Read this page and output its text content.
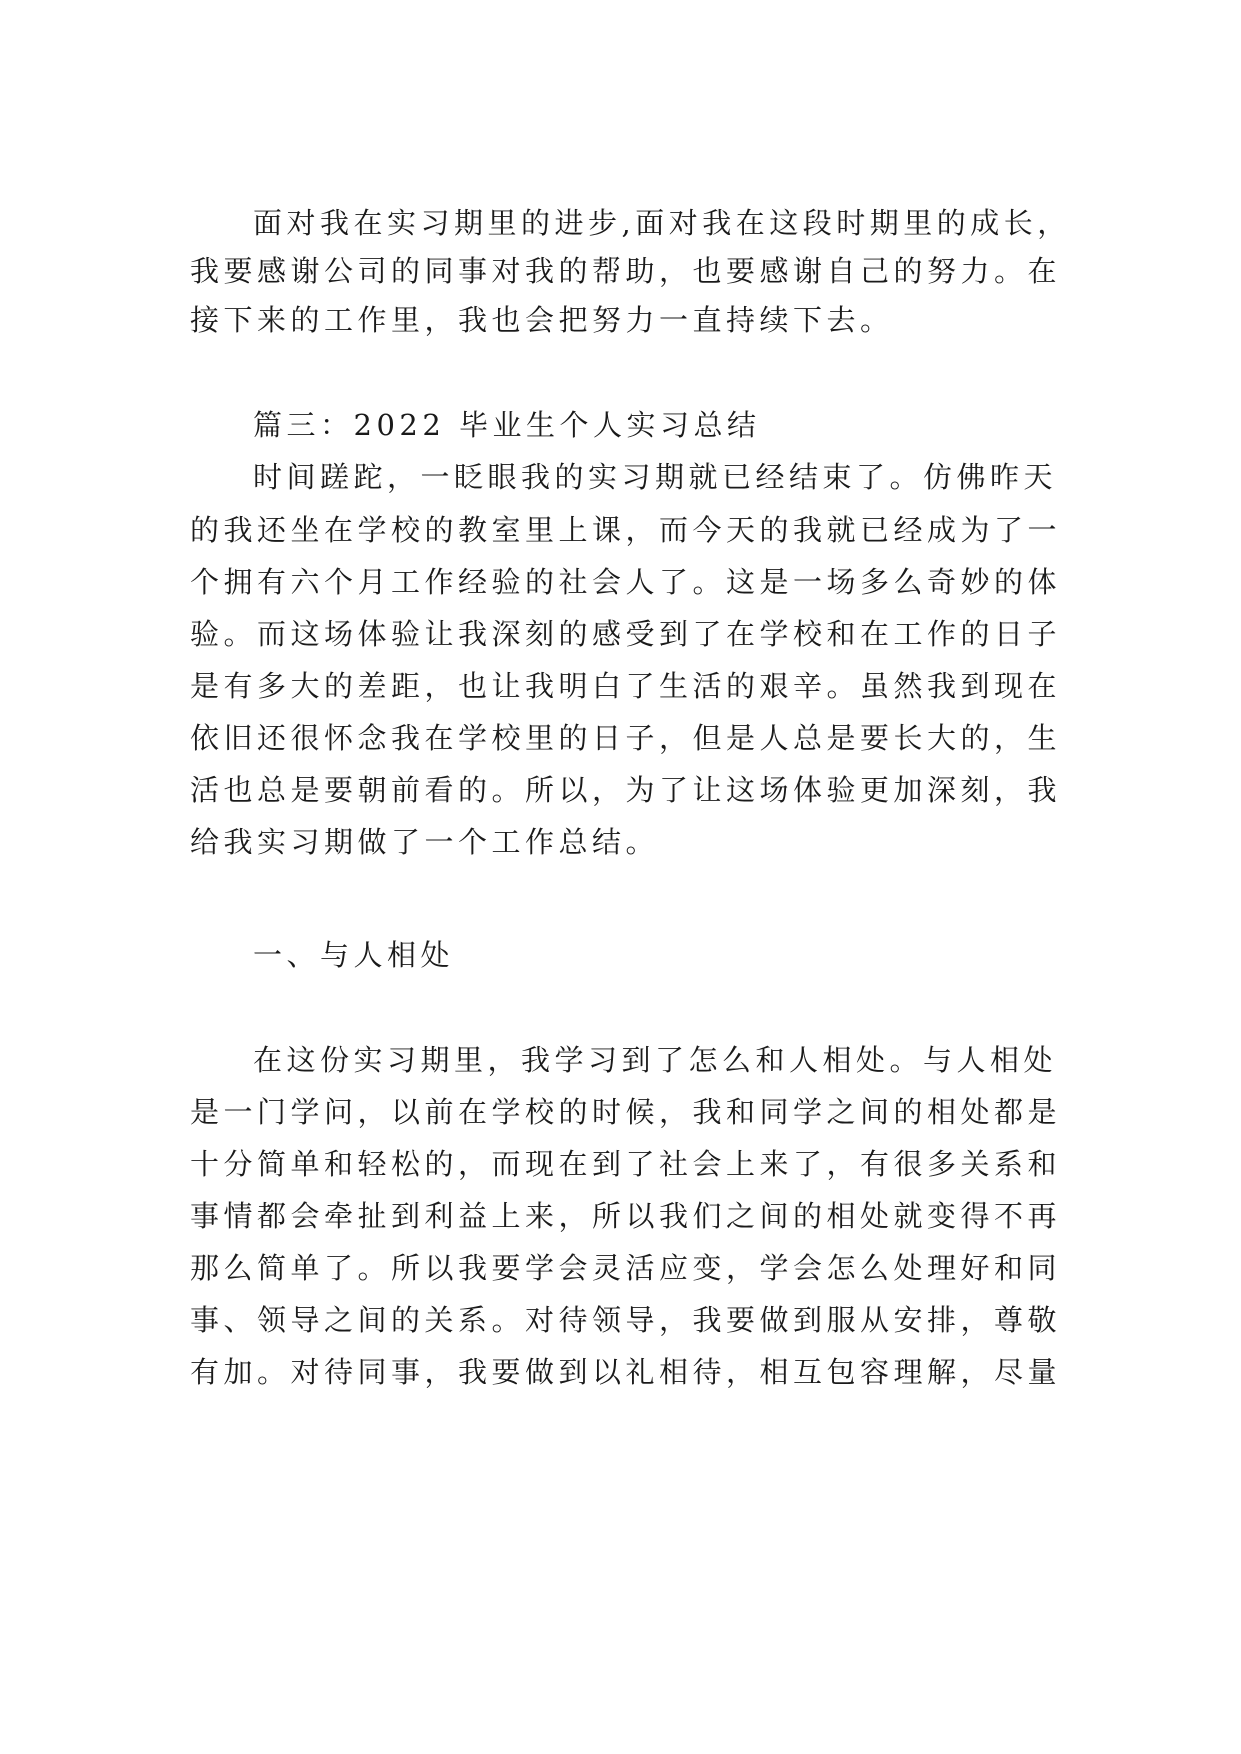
面对我在实习期里的进步,面对我在这段时期里的成长，
我要感谢公司的同事对我的帮助，也要感谢自己的努力。在
接下来的工作里，我也会把努力一直持续下去。
篇三：2022 毕业生个人实习总结
时间蹉跎，一眨眼我的实习期就已经结束了。仿佛昨天
的我还坐在学校的教室里上课，而今天的我就已经成为了一
个拥有六个月工作经验的社会人了。这是一场多么奇妙的体
验。而这场体验让我深刻的感受到了在学校和在工作的日子
是有多大的差距，也让我明白了生活的艰辛。虽然我到现在
依旧还很怀念我在学校里的日子，但是人总是要长大的，生
活也总是要朝前看的。所以，为了让这场体验更加深刻，我
给我实习期做了一个工作总结。
一、与人相处
在这份实习期里，我学习到了怎么和人相处。与人相处
是一门学问，以前在学校的时候，我和同学之间的相处都是
十分简单和轻松的，而现在到了社会上来了，有很多关系和
事情都会牵扯到利益上来，所以我们之间的相处就变得不再
那么简单了。所以我要学会灵活应变，学会怎么处理好和同
事、领导之间的关系。对待领导，我要做到服从安排，尊敬
有加。对待同事，我要做到以礼相待，相互包容理解，尽量
